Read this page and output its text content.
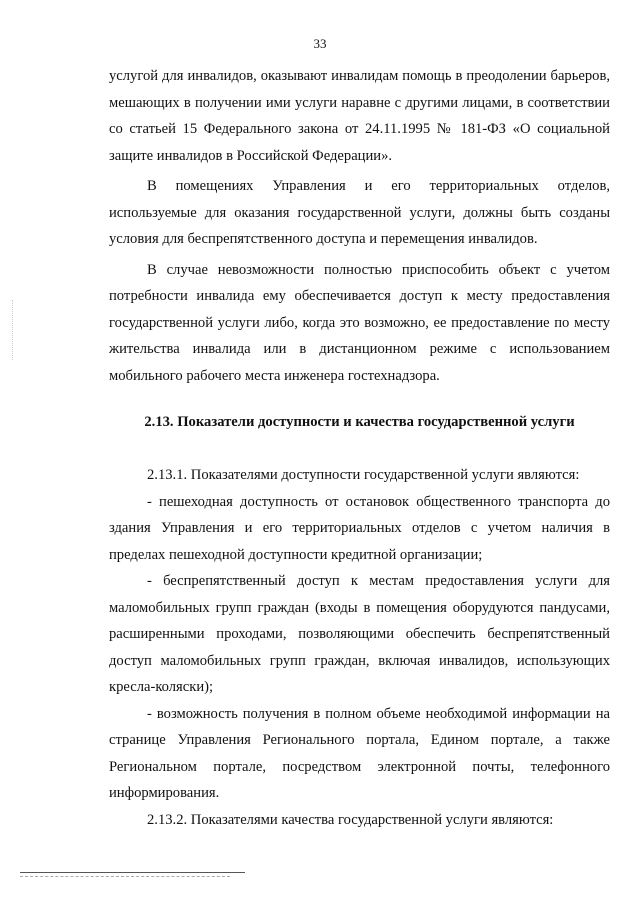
33

услугой для инвалидов, оказывают инвалидам помощь в преодолении барьеров, мешающих в получении ими услуги наравне с другими лицами, в соответствии со статьей 15 Федерального закона от 24.11.1995 № 181-ФЗ «О социальной защите инвалидов в Российской Федерации».

В помещениях Управления и его территориальных отделов, используемые для оказания государственной услуги, должны быть созданы условия для беспрепятственного доступа и перемещения инвалидов.

В случае невозможности полностью приспособить объект с учетом потребности инвалида ему обеспечивается доступ к месту предоставления государственной услуги либо, когда это возможно, ее предоставление по месту жительства инвалида или в дистанционном режиме с использованием мобильного рабочего места инженера гостехнадзора.

2.13. Показатели доступности и качества государственной услуги

2.13.1. Показателями доступности государственной услуги являются:

- пешеходная доступность от остановок общественного транспорта до здания Управления и его территориальных отделов с учетом наличия в пределах пешеходной доступности кредитной организации;

- беспрепятственный доступ к местам предоставления услуги для маломобильных групп граждан (входы в помещения оборудуются пандусами, расширенными проходами, позволяющими обеспечить беспрепятственный доступ маломобильных групп граждан, включая инвалидов, использующих кресла-коляски);

- возможность получения в полном объеме необходимой информации на странице Управления Регионального портала, Едином портале, а также Региональном портале, посредством электронной почты, телефонного информирования.

2.13.2. Показателями качества государственной услуги являются:
